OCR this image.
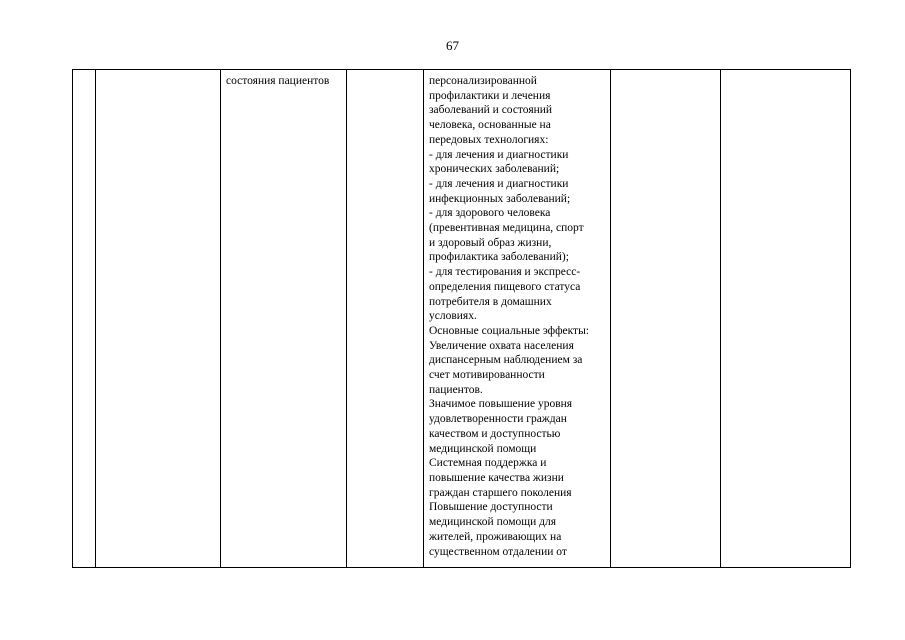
67
		состояния пациентов		персонализированной
профилактики и лечения
заболеваний и состояний
человека, основанные на
передовых технологиях:
- для лечения и диагностики
хронических заболеваний;
- для лечения и диагностики
инфекционных заболеваний;
- для здорового человека
(превентивная медицина, спорт
и здоровый образ жизни,
профилактика заболеваний);
- для тестирования и экспресс-
определения пищевого статуса
потребителя в домашних
условиях.
Основные социальные эффекты:
Увеличение охвата населения
диспансерным наблюдением за
счет мотивированности
пациентов.
Значимое повышение уровня
удовлетворенности граждан
качеством и доступностью
медицинской помощи
Системная поддержка и
повышение качества жизни
граждан старшего поколения
Повышение доступности
медицинской помощи для
жителей, проживающих на
существенном отдалении от
